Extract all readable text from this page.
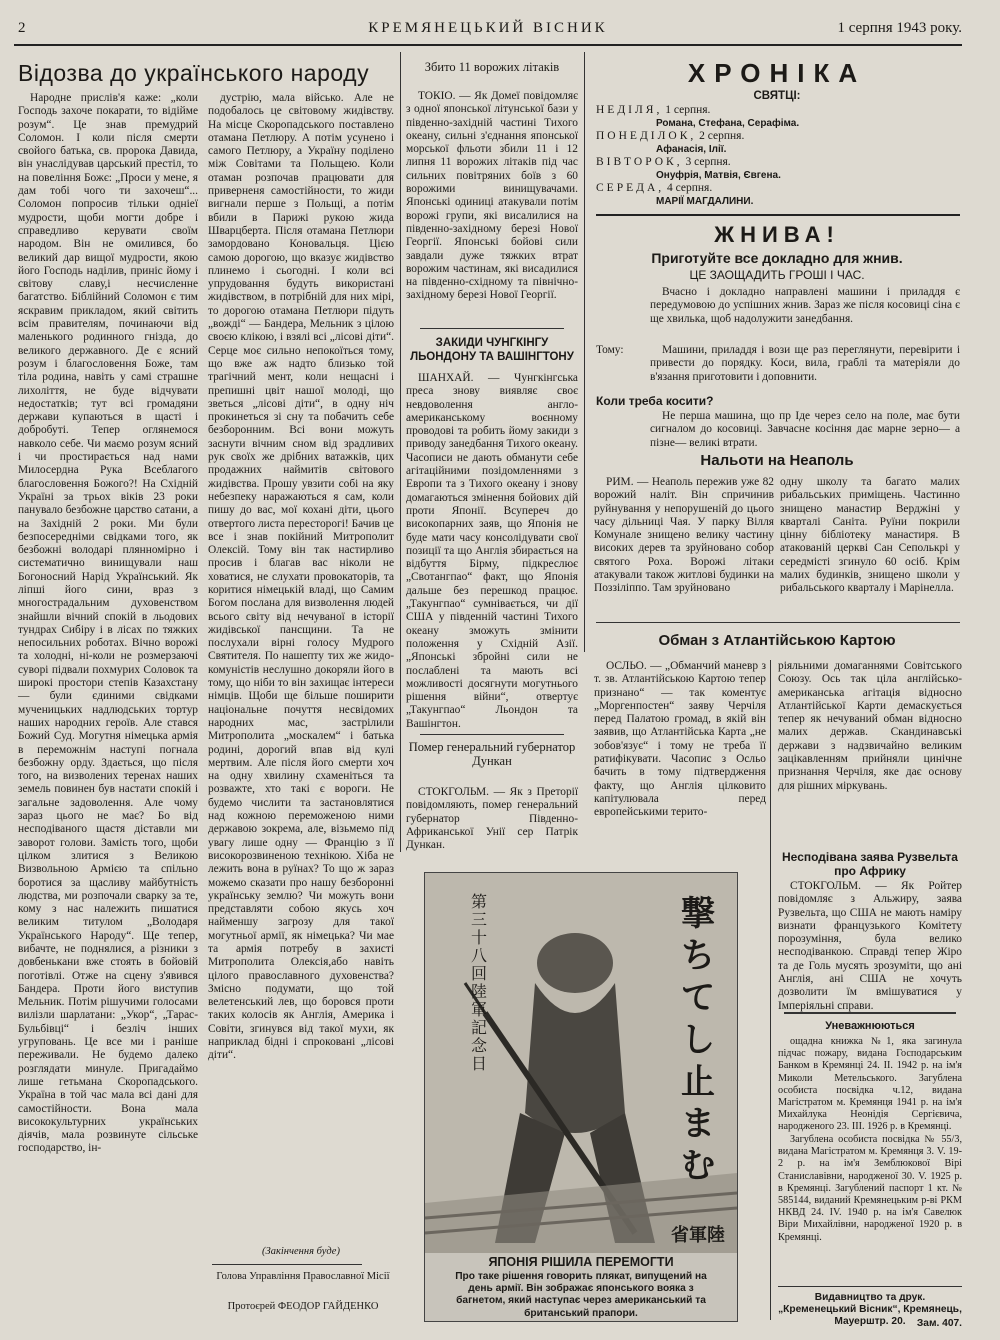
2	КРЕМЯНЕЦЬКИЙ ВІСНИК	1 серпня 1943 року.
Відозва до українського народу

Народне прислів'я каже: „коли Господь захоче покарати, то відійме розум“. Це знав премудрий Соломон. І коли після смерти свойого батька, св. пророка Давида, він унаслідував царський престіл, то на повеління Божє: „Проси у мене, я дам тобі чого ти захочеш“... Соломон попросив тільки одніеї мудрости, щоби могти добре і справедливо керувати своїм народом. Він не омилився, бо великий дар вищої мудрости, якою його Господь наділив, приніс йому і світову славу,і несчисленне багатство. Біблійний Соломон є тим яскравим прикладом, який світить всім правителям, починаючи від маленького родинного гнізда, до великого державного. Де є ясний розум і благословення Боже, там тіла родина, навіть у самі страшне лихоліття, не буде відчувати недостатків; тут всі громадяни держави купаються в щасті і добробуті. Тепер оглянемося навколо себе. Чи маємо розум ясний і чи простирається над нами Милосердна Рука Всеблагого благословення Божого?! На Східній Україні за трьох віків 23 роки панувало безбожне царство сатани, а на Західній 2 роки. Ми були безпосередніми свідками того, як безбожні володарі плянномірно і систематично винищували наш Богоносний Нарід Український. Як ліпші його сини, враз з многострадальним духовенством знайшли вічний спокій в льодових тундрах Сибіру і в лісах по тяжких непосильних роботах. Вічно ворожі та холодні, ні-коли не розмерзаючі суворі підвали похмурих Соловок та широкі простори степів Казахстану — були єдиними свідками мученицьких надлюдських тортур наших народних героїв. Але стався Божий Суд. Могутня німецька армія в переможнім наступі погнала безбожну орду. Здається, що після того, на визволених теренах наших земель повинен був настати спокій і загальне задоволення. Але чому зараз цього не має? Бо від несподіваного щастя діставли ми заворот голови. Замість того, щоби цілком злитися з Великою Визвольною Армією та спільно боротися за щасливу майбутність людства, ми розпочали сварку за те, кому з нас належить пишатися великим титулом „Володаря Українського Народу“. Ще тепер, вибачте, не поднялися, а різники з довбенькани вже стоять в бойовій поготівлі. Отже на сцену з'явився Бандера. Проти його виступив Мельник. Потім рішучими голосами вилізли шарлатани: „Укор“, „Тарас-Бульбівці“ і безліч інших угруповань. Це все ми і раніше переживали. Не будемо далеко розглядати минуле. Пригадаймо лише гетьмана Скоропадського. Україна в той час мала всі дані для самостійности. Вона мала висококультурних українських діячів, мала розвинуте сільське господарство, ін-

дустрію, мала військо. Але не подобалось це світовому жидівству. На місце Скоропадського поставлено отамана Петлюру. А потім усунено і самого Петлюру, а Україну поділено між Совітами та Польщею. Коли отаман розпочав працювати для приверненя самостійности, то жиди вигнали перше з Польщі, а потім вбили в Парижі рукою жида Шварцберта. Після отамана Петлюри замордовано Коновальця. Цією самою дорогою, що вказує жидівство плинемо і сьогодні. І коли всі упрудовання будуть використані жидівством, в потрібній для них мірі, то дорогою отамана Петлюри підуть „вожді“ — Бандера, Мельник з цілою своєю клікою, і взялі всі „лісові діти“. Серце моє сильно непокоїться тому, що вже аж надто близько той трагічний мент, коли нещасні і препишні цвіт нашої молоді, що зветься „лісові діти“, в одну ніч прокинеться зі сну та побачить себе безборонним. Всі вони можуть заснути вічним сном від зрадливих рук своїх же дрібних ватажків, цих продажних наймитів світового жидівства. Прошу увзити собі на яку небезпеку наражаються я сам, коли пишу до вас, мої кохані діти, цього отвертого листа пересторогі! Бачив це все і знав покійний Митрополит Олексій. Тому він так настирливо просив і благав вас ніколи не ховатися, не слухати провокаторів, та коритися німецькій владі, що Самим Богом послана для визволення людей всього світу від нечуваної в історії жидівської пансщини. Та не послухали вірні голосу Мудрого Святителя. По нашепту тих же жидо-комуністів неслушно докоряли його в тому, що ніби то він захищає інтереси німців. Щоби ще більше поширити національне почуття несвідомих народних мас, застрілили Митрополита „москалем“ і батька родині, дорогий впав від кулі мертвим. Але після його смерти хоч на одну хвилину схаменіться та розважте, хто такі є вороги. Не будемо числити та застановлятися над кожною переможеною ними державою зокрема, але, візьмемо під увагу лише одну — Францію з її високорозвиненою технікою. Хіба не лежить вона в руїнах? То що ж зараз можемо сказати про нашу безборонні українську землю? Чи можуть вони представляти собою якусь хоч найменшу загрозу для такої могутньої армії, як німецька? Чи мае та армія потребу в захисті Митрополита Олексія,або навіть цілого православного духовенства? Змісно подумати, що той велетенський лев, що боровся проти таких колосів як Англія, Америка і Совіти, згинувся від такої мухи, як наприклад бідні і спроковані „лісові діти“.

(Закінчення буде)
Голова Управління Православної Місії
Протоєрей ФЕОДОР ГАЙДЕНКО
Збито 11 ворожих літаків

ТОКІО. — Як Домеї повідомляє з одної японської літунської бази у південно-західній частині Тихого океану, сильні з'єднання японської морської фльоти збили 11 і 12 липня 11 ворожих літаків під час сильних повітряних боїв з 60 ворожими винищувачами. Японські одиниці атакували потім ворожі групи, які висалилися на південно-західному березі Нової Георгії. Японські бойові сили завдали дуже тяжких втрат ворожим частинам, які висадилися на південно-східному та північно-західному березі Нової Георгії.

ЗАКИДИ ЧУНГКІНГУ ЛЬОНДОНУ ТА ВАШІНГТОНУ

ШАНХАЙ. — Чунгкінгська преса знову виявляє своє невдоволення англо-американському воєнному проводові та робить йому закиди з приводу занедбання Тихого океану. Часописи не дають обманути себе агітаційними позідомленнями з Европи та з Тихого океану і знову домагаються змінення бойових дій проти Японії. Всупереч до високопарних заяв, що Японія не буде мати часу консолідувати свої позиції та що Англія збирається на відбуття Бірму, підкреслює „Свотангпао“ факт, що Японія дальше без перешкод працює. „Такунгпао“ сумнівається, чи дії США у південній частині Тихого океану зможуть змінити положення у Східній Азії. „Японські збройні сили не послаблені та мають всі можливості досягнути могутнього рішення війни“, отвертує „Такунгпао“ Льондон та Вашінгтон.

Помер генеральний губернатор Дункан

СТОКГОЛЬМ. — Як з Преторії повідомляють, помер генеральний губернатор Південно-Африканської Унії сер Патрік Дункан.

第三十八回陸軍記念日
撃ちてし止まむ
省軍陸
ЯПОНІЯ РІШИЛА ПЕРЕМОГТИ
Про таке рішення говорить плякат, випущений на день армії. Він зображає японського вояка з багнетом, який наступає через американський та британський прапори.
ХРОНІКА
СВЯТЦІ:
НЕДІЛЯ, 1 серпня.
Романа, Стефана, Серафіма.
ПОНЕДІЛОК, 2 серпня.
Афанасія, Ілії.
ВІВТОРОК, 3 серпня.
Онуфрія, Матвія, Євгена.
СЕРЕДА, 4 серпня.
МАРІЇ МАГДАЛИНИ.
ЖНИВА!
Приготуйте все докладно для жнив.
ЦЕ ЗАОЩАДИТЬ ГРОШІ І ЧАС.

Вчасно і докладно направлені машини і приладдя є передумовою до успішних жнив. Зараз же після косовиці сіна є ще хвилька, щоб надолужити занедбання.

Тому:	Машини, приладдя і вози ще раз переглянути, перевірити і привести до порядку. Коси, вила, граблі та матеріяли до в'язання приготовити і доповнити.

Коли треба косити?

Не перша машина, що пр Іде через село на поле, має бути сигналом до косовиці. Завчасне косіння дає марне зерно— а пізне— великі втрати.

Нальоти на Неаполь

РИМ. — Неаполь пережив уже 82 ворожий наліт. Він спричинив руйнування у непорушеній до цього часу дільниці Чая. У парку Вілля Комунале знищено велику частину високих дерев та зруйновано собор святого Роха. Ворожі літаки атакували також житлові будинки на Поззіліппо. Там зруйновано

одну школу та багато малих рибальських приміщень. Частинно знищено манастир Верджіні у кварталі Саніта. Руїни покрили цінну бібліотеку манастиря. В атакованій церкві Сан Сеполькрі у середмісті згинуло 60 осіб. Крім малих будинків, знищено школи у рибальського кварталу і Марінелла.

Обман з Атлантійською Картою

ОСЛЬО. — „Обманчий маневр з т. зв. Атлантійською Картою тепер признано“ — так коментує „Моргенпостен“ заяву Черчіля перед Палатою громад, в якій він заявив, що Атлантійська Карта „не зобов'язує“ і тому не треба її ратифікувати. Часопис з Осльо бачить в тому підтвердження факту, що Англія цілковито капітулювала перед европейськими терито-

ріяльними домаганнями Совітського Союзу. Ось так ціла англійсько-американська агітація відносно Атлантійської Карти демаскується тепер як нечуваний обман відносно малих держав. Скандинавські держави з надзвичайно великим зацікавленням прийняли цинічне признання Черчіля, яке дає основу для рішних міркувань.

Несподівана заява Рузвельта про Африку

СТОКГОЛЬМ. — Як Ройтер повідомляє з Альжиру, заява Рузвельта, що США не мають наміру визнати французького Комітету порозуміння, була велико несподіванкою. Справді тепер Жіро та де Голь мусять зрозуміти, що ані Англія, ані США не хочуть дозволити їм вмішуватися у Імперіяльні справи.

Уневажнюються

ощадна книжка №1, яка загинула підчас пожару, видана Господарським Банком в Кремянці 24. II. 1942 р. на ім'я Миколи Метельського. Загублена особиста посвідка ч.12, видана Магістратом м. Кремянця 1941 р. на ім'я Михайлука Неонідія Сергієвича, народженого 23. III. 1926 р. в Кремянці.

Загублена особиста посвідка № 55/3, видана Магістратом м. Кремянця 3. V. 19-2 р. на ім'я Земблюкової Вірі Станиславівни, народженої 30. V. 1925 р. в Кремянці. Загублений паспорт 1 кт. № 585144, виданий Кремянецьким р-ві РКМ НКВД 24. IV. 1940 р. на ім'я Савелюк Віри Михайлівни, народженої 1920 р. в Кремянці.

Видавництво та друк. „Кременецький Вісник“, Кремянець, Мауерштр. 20.	Зам. 407.
